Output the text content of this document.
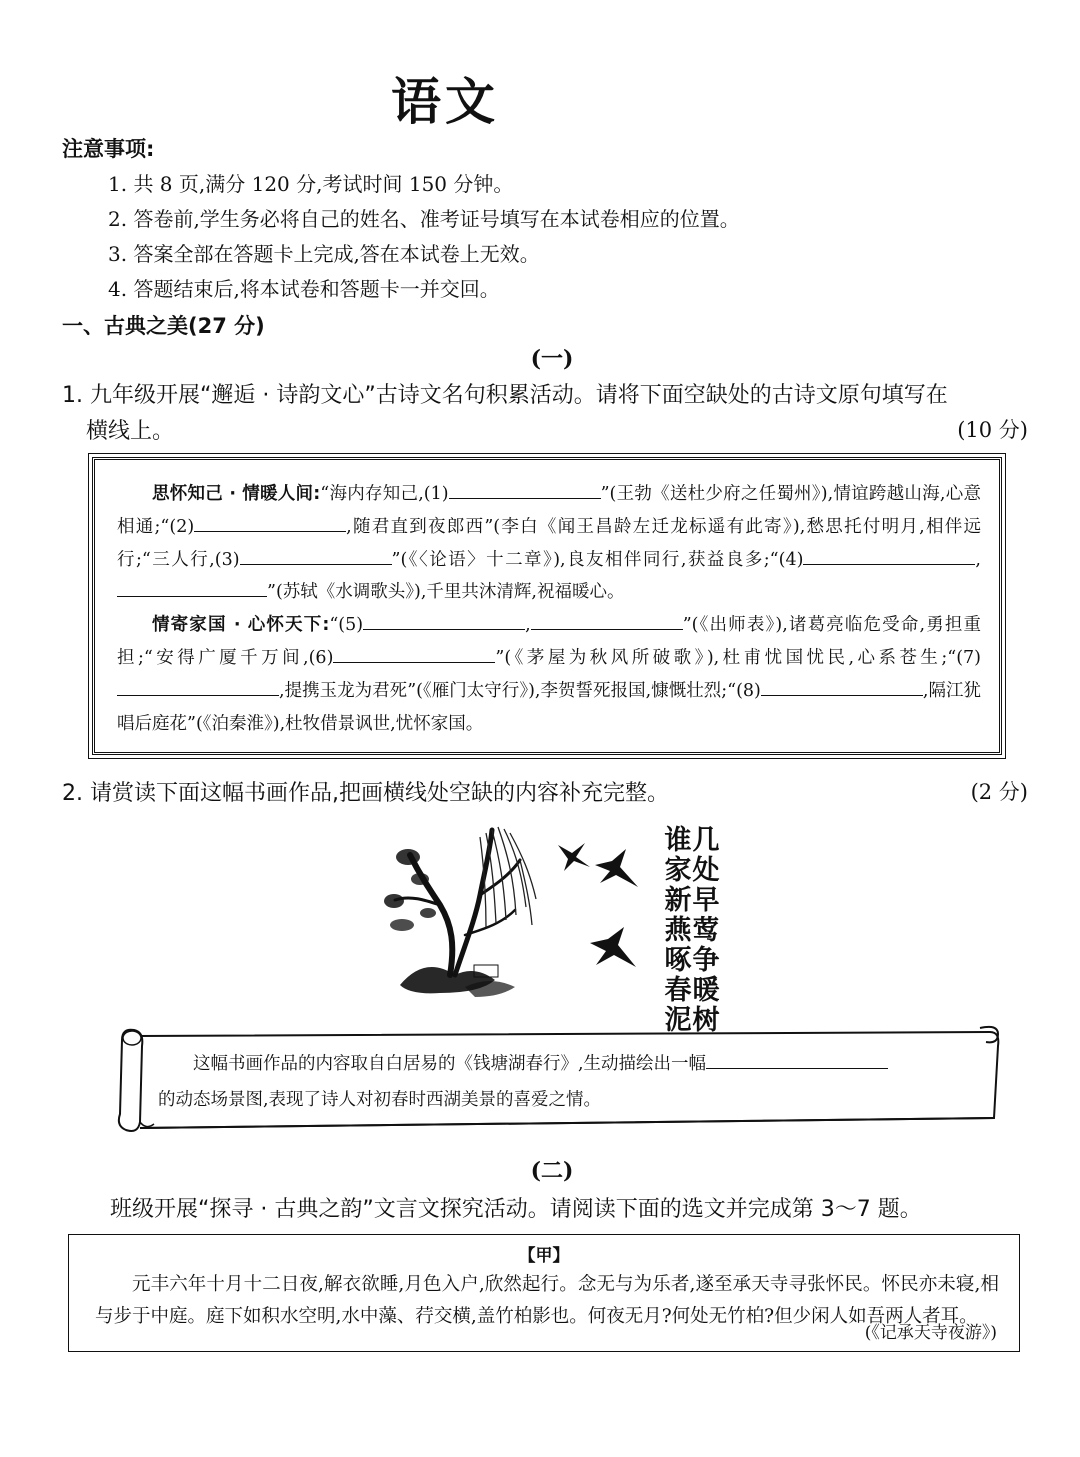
语文
注意事项:
1. 共 8 页,满分 120 分,考试时间 150 分钟。
2. 答卷前,学生务必将自己的姓名、准考证号填写在本试卷相应的位置。
3. 答案全部在答题卡上完成,答在本试卷上无效。
4. 答题结束后,将本试卷和答题卡一并交回。
一、古典之美(27 分)
(一)
1. 九年级开展“邂逅 · 诗韵文心”古诗文名句积累活动。请将下面空缺处的古诗文原句填写在
横线上。	(10 分)

思怀知己 · 情暖人间:“海内存知己,(1)	”(王勃《送杜少府之任蜀州》),情谊跨越山海,心意相通;“(2)	,随君直到夜郎西”(李白《闻王昌龄左迁龙标遥有此寄》),愁思托付明月,相伴远行;“三人行,(3)	”(《〈论语〉十二章》),良友相伴同行,获益良多;“(4)	,”(苏轼《水调歌头》),千里共沐清辉,祝福暖心。

情寄家国 · 心怀天下:“(5)	,	”(《出师表》),诸葛亮临危受命,勇担重担;“安得广厦千万间,(6)	”(《茅屋为秋风所破歌》),杜甫忧国忧民,心系苍生;“(7),提携玉龙为君死”(《雁门太守行》),李贺誓死报国,慷慨壮烈;“(8)	,隔江犹唱后庭花”(《泊秦淮》),杜牧借景讽世,忧怀家国。

2. 请赏读下面这幅书画作品,把画横线处空缺的内容补充完整。	(2 分)
谁
家
新
燕
啄
春
泥
几
处
早
莺
争
暖
树
这幅书画作品的内容取自白居易的《钱塘湖春行》,生动描绘出一幅
的动态场景图,表现了诗人对初春时西湖美景的喜爱之情。
(二)
班级开展“探寻 · 古典之韵”文言文探究活动。请阅读下面的选文并完成第 3～7 题。
【甲】
元丰六年十月十二日夜,解衣欲睡,月色入户,欣然起行。念无与为乐者,遂至承天寺寻张怀民。怀民亦未寝,相与步于中庭。庭下如积水空明,水中藻、荇交横,盖竹柏影也。何夜无月?何处无竹柏?但少闲人如吾两人者耳。
(《记承天寺夜游》)
